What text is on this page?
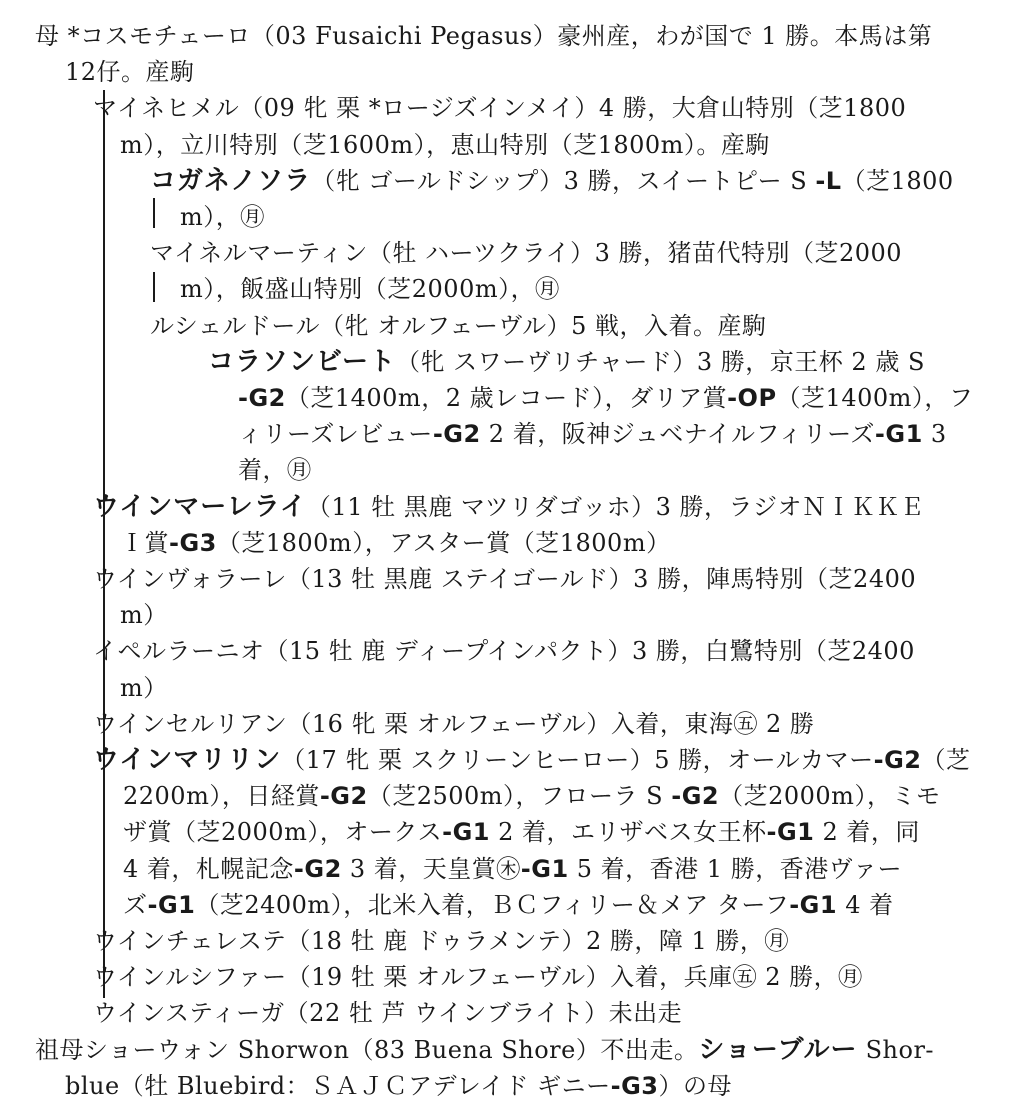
母 *コスモチェーロ（03 Fusaichi Pegasus）豪州産，わが国で 1 勝。本馬は第
12仔。産駒
マイネヒメル（09 牝 栗 *ロージズインメイ）4 勝，大倉山特別（芝1800
m），立川特別（芝1600m），恵山特別（芝1800m）。産駒
コガネノソラ（牝 ゴールドシップ）3 勝，スイートピー S -L（芝1800
m），㊊
マイネルマーティン（牡 ハーツクライ）3 勝，猪苗代特別（芝2000
m），飯盛山特別（芝2000m），㊊
ルシェルドール（牝 オルフェーヴル）5 戦，入着。産駒
コラソンビート（牝 スワーヴリチャード）3 勝，京王杯 2 歳 S
-G2（芝1400m，2 歳レコード），ダリア賞-OP（芝1400m），フ
ィリーズレビュー-G2 2 着，阪神ジュベナイルフィリーズ-G1 3
着，㊊
ウインマーレライ（11 牡 黒鹿 マツリダゴッホ）3 勝，ラジオＮＩＫＫＥ
Ｉ賞-G3（芝1800m），アスター賞（芝1800m）
ウインヴォラーレ（13 牡 黒鹿 ステイゴールド）3 勝，陣馬特別（芝2400
m）
イペルラーニオ（15 牡 鹿 ディープインパクト）3 勝，白鷺特別（芝2400
m）
ウインセルリアン（16 牝 栗 オルフェーヴル）入着，東海㊄ 2 勝
ウインマリリン（17 牝 栗 スクリーンヒーロー）5 勝，オールカマー-G2（芝
2200m），日経賞-G2（芝2500m），フローラ S -G2（芝2000m），ミモ
ザ賞（芝2000m），オークス-G1 2 着，エリザベス女王杯-G1 2 着，同
4 着，札幌記念-G2 3 着，天皇賞㊍-G1 5 着，香港 1 勝，香港ヴァー
ズ-G1（芝2400m），北米入着，ＢＣフィリー＆メア ターフ-G1 4 着
ウインチェレステ（18 牡 鹿 ドゥラメンテ）2 勝，障 1 勝，㊊
ウインルシファー（19 牡 栗 オルフェーヴル）入着，兵庫㊄ 2 勝，㊊
ウインスティーガ（22 牡 芦 ウインブライト）未出走
祖母ショーウォン Shorwon（83 Buena Shore）不出走。ショーブルー Shor-
blue（牡 Bluebird：ＳＡＪＣアデレイド ギニー-G3）の母
